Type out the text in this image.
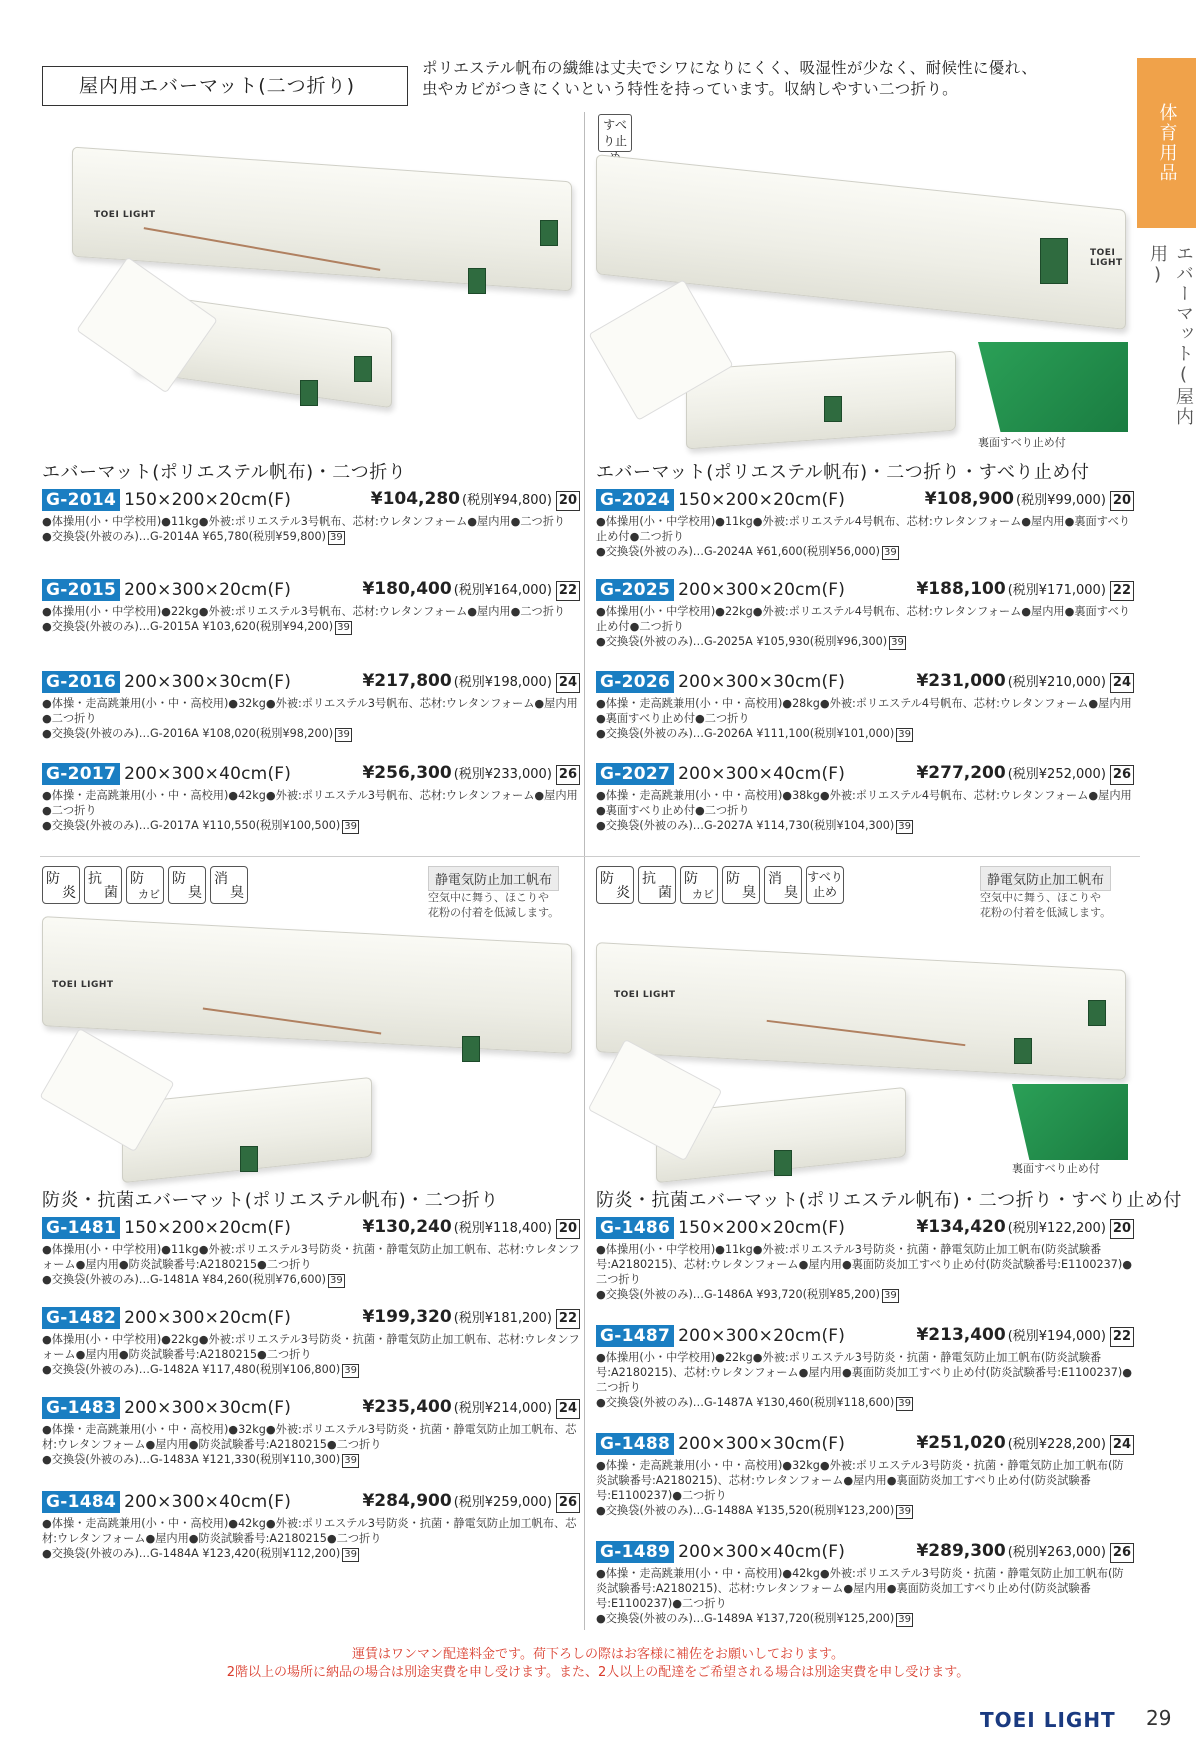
屋内用エバーマット(二つ折り)
ポリエステル帆布の繊維は丈夫でシワになりにくく、吸湿性が少なく、耐候性に優れ、
虫やカビがつきにくいという特性を持っています。収納しやすい二つ折り。
体育用品
エバーマット(屋内用)
TOEI LIGHT
エバーマット(ポリエステル帆布)・二つ折り
G-2014 150×200×20cm(F)	¥104,280 (税別¥94,800) 20
●体操用(小・中学校用)●11kg●外被:ポリエステル3号帆布、芯材:ウレタンフォーム●屋内用●二つ折り
●交換袋(外被のみ)…G-2014A ¥65,780(税別¥59,800) 39
G-2015 200×300×20cm(F)	¥180,400 (税別¥164,000) 22
●体操用(小・中学校用)●22kg●外被:ポリエステル3号帆布、芯材:ウレタンフォーム●屋内用●二つ折り
●交換袋(外被のみ)…G-2015A ¥103,620(税別¥94,200) 39
G-2016 200×300×30cm(F)	¥217,800 (税別¥198,000) 24
●体操・走高跳兼用(小・中・高校用)●32kg●外被:ポリエステル3号帆布、芯材:ウレタンフォーム●屋内用●二つ折り
●交換袋(外被のみ)…G-2016A ¥108,020(税別¥98,200) 39
G-2017 200×300×40cm(F)	¥256,300 (税別¥233,000) 26
●体操・走高跳兼用(小・中・高校用)●42kg●外被:ポリエステル3号帆布、芯材:ウレタンフォーム●屋内用●二つ折り
●交換袋(外被のみ)…G-2017A ¥110,550(税別¥100,500) 39
すべり止
TOEI LIGHT
裏面すべり止め付
エバーマット(ポリエステル帆布)・二つ折り・すべり止め付
G-2024 150×200×20cm(F)	¥108,900 (税別¥99,000) 20
●体操用(小・中学校用)●11kg●外被:ポリエステル4号帆布、芯材:ウレタンフォーム●屋内用●裏面すべり止め付●二つ折り
●交換袋(外被のみ)…G-2024A ¥61,600(税別¥56,000) 39
G-2025 200×300×20cm(F)	¥188,100 (税別¥171,000) 22
●体操用(小・中学校用)●22kg●外被:ポリエステル4号帆布、芯材:ウレタンフォーム●屋内用●裏面すべり止め付●二つ折り
●交換袋(外被のみ)…G-2025A ¥105,930(税別¥96,300) 39
G-2026 200×300×30cm(F)	¥231,000 (税別¥210,000) 24
●体操・走高跳兼用(小・中・高校用)●28kg●外被:ポリエステル4号帆布、芯材:ウレタンフォーム●屋内用●裏面すべり止め付●二つ折り
●交換袋(外被のみ)…G-2026A ¥111,100(税別¥101,000) 39
G-2027 200×300×40cm(F)	¥277,200 (税別¥252,000) 26
●体操・走高跳兼用(小・中・高校用)●38kg●外被:ポリエステル4号帆布、芯材:ウレタンフォーム●屋内用●裏面すべり止め付●二つ折り
●交換袋(外被のみ)…G-2027A ¥114,730(税別¥104,300) 39
防
炎
抗
菌
防
カビ
防
臭
消
臭
静電気防止加工帆布
空気中に舞う、ほこりや
花粉の付着を低減します。
TOEI LIGHT
防炎・抗菌エバーマット(ポリエステル帆布)・二つ折り
G-1481 150×200×20cm(F)	¥130,240 (税別¥118,400) 20
●体操用(小・中学校用)●11kg●外被:ポリエステル3号防炎・抗菌・静電気防止加工帆布、芯材:ウレタンフォーム●屋内用●防炎試験番号:A2180215●二つ折り
●交換袋(外被のみ)…G-1481A ¥84,260(税別¥76,600) 39
G-1482 200×300×20cm(F)	¥199,320 (税別¥181,200) 22
●体操用(小・中学校用)●22kg●外被:ポリエステル3号防炎・抗菌・静電気防止加工帆布、芯材:ウレタンフォーム●屋内用●防炎試験番号:A2180215●二つ折り
●交換袋(外被のみ)…G-1482A ¥117,480(税別¥106,800) 39
G-1483 200×300×30cm(F)	¥235,400 (税別¥214,000) 24
●体操・走高跳兼用(小・中・高校用)●32kg●外被:ポリエステル3号防炎・抗菌・静電気防止加工帆布、芯材:ウレタンフォーム●屋内用●防炎試験番号:A2180215●二つ折り
●交換袋(外被のみ)…G-1483A ¥121,330(税別¥110,300) 39
G-1484 200×300×40cm(F)	¥284,900 (税別¥259,000) 26
●体操・走高跳兼用(小・中・高校用)●42kg●外被:ポリエステル3号防炎・抗菌・静電気防止加工帆布、芯材:ウレタンフォーム●屋内用●防炎試験番号:A2180215●二つ折り
●交換袋(外被のみ)…G-1484A ¥123,420(税別¥112,200) 39
防
炎
抗
菌
防
カビ
防
臭
消
臭
すべり止め
静電気防止加工帆布
空気中に舞う、ほこりや
花粉の付着を低減します。
TOEI LIGHT
裏面すべり止め付
防炎・抗菌エバーマット(ポリエステル帆布)・二つ折り・すべり止め付
G-1486 150×200×20cm(F)	¥134,420 (税別¥122,200) 20
●体操用(小・中学校用)●11kg●外被:ポリエステル3号防炎・抗菌・静電気防止加工帆布(防炎試験番号:A2180215)、芯材:ウレタンフォーム●屋内用●裏面防炎加工すべり止め付(防炎試験番号:E1100237)●二つ折り
●交換袋(外被のみ)…G-1486A ¥93,720(税別¥85,200) 39
G-1487 200×300×20cm(F)	¥213,400 (税別¥194,000) 22
●体操用(小・中学校用)●22kg●外被:ポリエステル3号防炎・抗菌・静電気防止加工帆布(防炎試験番号:A2180215)、芯材:ウレタンフォーム●屋内用●裏面防炎加工すべり止め付(防炎試験番号:E1100237)●二つ折り
●交換袋(外被のみ)…G-1487A ¥130,460(税別¥118,600) 39
G-1488 200×300×30cm(F)	¥251,020 (税別¥228,200) 24
●体操・走高跳兼用(小・中・高校用)●32kg●外被:ポリエステル3号防炎・抗菌・静電気防止加工帆布(防炎試験番号:A2180215)、芯材:ウレタンフォーム●屋内用●裏面防炎加工すべり止め付(防炎試験番号:E1100237)●二つ折り
●交換袋(外被のみ)…G-1488A ¥135,520(税別¥123,200) 39
G-1489 200×300×40cm(F)	¥289,300 (税別¥263,000) 26
●体操・走高跳兼用(小・中・高校用)●42kg●外被:ポリエステル3号防炎・抗菌・静電気防止加工帆布(防炎試験番号:A2180215)、芯材:ウレタンフォーム●屋内用●裏面防炎加工すべり止め付(防炎試験番号:E1100237)●二つ折り
●交換袋(外被のみ)…G-1489A ¥137,720(税別¥125,200) 39
運賃はワンマン配達料金です。荷下ろしの際はお客様に補佐をお願いしております。
2階以上の場所に納品の場合は別途実費を申し受けます。また、2人以上の配達をご希望される場合は別途実費を申し受けます。
TOEI LIGHT 29
